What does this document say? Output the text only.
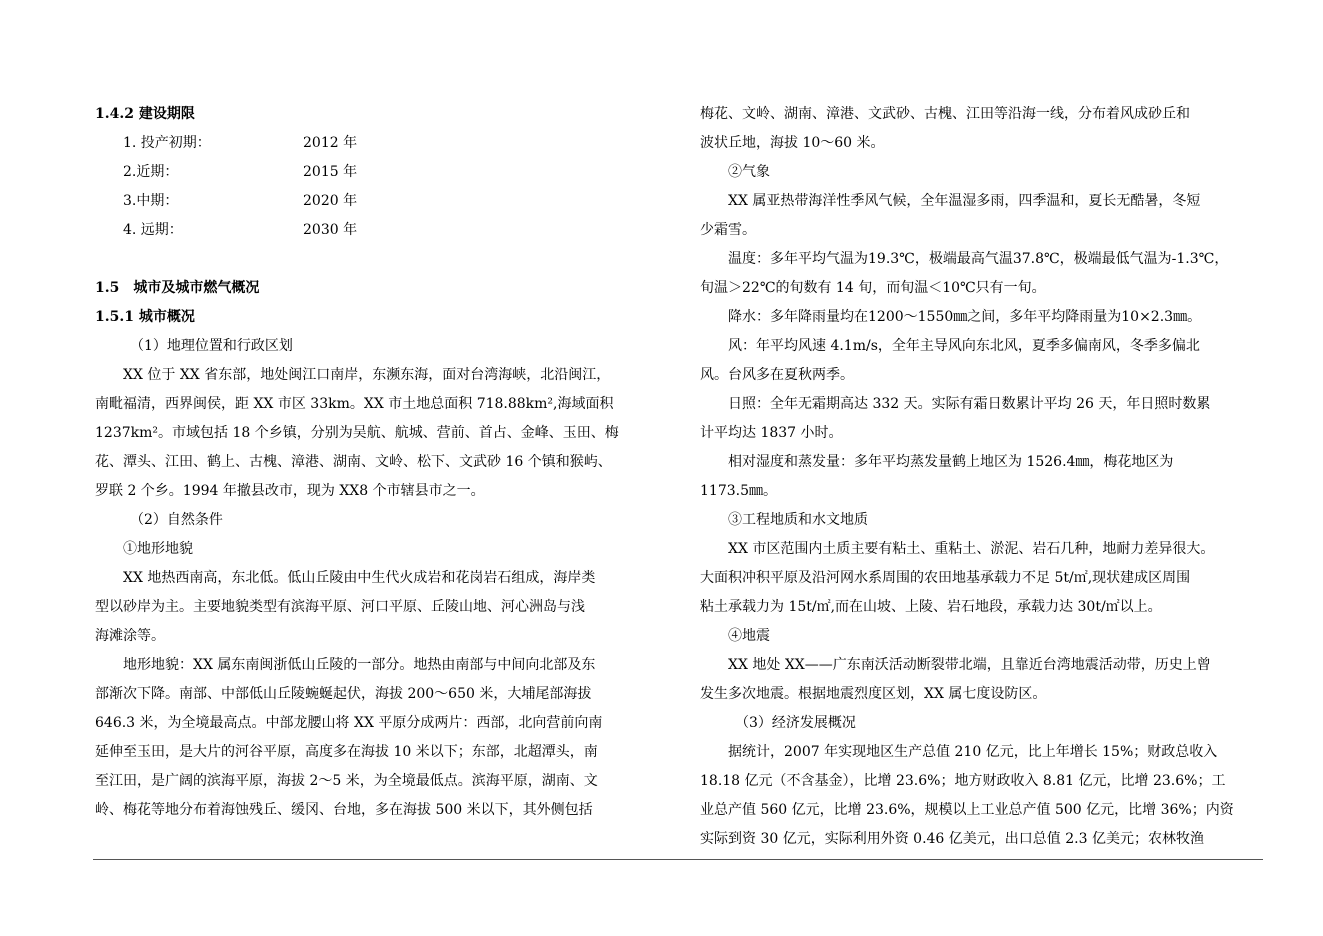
1.4.2 建设期限
1. 投产初期：	2012 年
2.近期：	2015 年
3.中期：	2020 年
4. 远期：	2030 年
1.5　城市及城市燃气概况
1.5.1 城市概况
（1）地理位置和行政区划
XX 位于 XX 省东部，地处闽江口南岸，东濒东海，面对台湾海峡，北沿闽江，
南毗福清，西界闽侯，距 XX 市区 33km。XX 市土地总面积 718.88km²,海域面积
1237km²。市域包括 18 个乡镇，分别为吴航、航城、营前、首占、金峰、玉田、梅
花、潭头、江田、鹤上、古槐、漳港、湖南、文岭、松下、文武砂 16 个镇和猴屿、
罗联 2 个乡。1994 年撤县改市，现为 XX8 个市辖县市之一。
（2）自然条件
①地形地貌
XX 地热西南高，东北低。低山丘陵由中生代火成岩和花岗岩石组成，海岸类
型以砂岸为主。主要地貌类型有滨海平原、河口平原、丘陵山地、河心洲岛与浅
海滩涂等。
地形地貌：XX 属东南闽浙低山丘陵的一部分。地热由南部与中间向北部及东
部渐次下降。南部、中部低山丘陵蜿蜒起伏，海拔 200～650 米，大埔尾部海拔
646.3 米，为全境最高点。中部龙腰山将 XX 平原分成两片：西部，北向营前向南
延伸至玉田，是大片的河谷平原，高度多在海拔 10 米以下；东部，北超潭头，南
至江田，是广阔的滨海平原，海拔 2～5 米，为全境最低点。滨海平原，湖南、文
岭、梅花等地分布着海蚀残丘、缓冈、台地，多在海拔 500 米以下，其外侧包括
梅花、文岭、湖南、漳港、文武砂、古槐、江田等沿海一线，分布着风成砂丘和
波状丘地，海拔 10～60 米。
②气象
XX 属亚热带海洋性季风气候，全年温湿多雨，四季温和，夏长无酷暑，冬短
少霜雪。
温度：多年平均气温为19.3℃，极端最高气温37.8℃，极端最低气温为-1.3℃，
旬温＞22℃的旬数有 14 旬，而旬温＜10℃只有一旬。
降水：多年降雨量均在1200～1550㎜之间，多年平均降雨量为10×2.3㎜。
风：年平均风速 4.1m/s，全年主导风向东北风，夏季多偏南风，冬季多偏北
风。台风多在夏秋两季。
日照：全年无霜期高达 332 天。实际有霜日数累计平均 26 天，年日照时数累
计平均达 1837 小时。
相对湿度和蒸发量：多年平均蒸发量鹤上地区为 1526.4㎜，梅花地区为
1173.5㎜。
③工程地质和水文地质
XX 市区范围内土质主要有粘土、重粘土、淤泥、岩石几种，地耐力差异很大。
大面积冲积平原及沿河网水系周围的农田地基承载力不足 5t/㎡,现状建成区周围
粘土承载力为 15t/㎡,而在山坡、上陵、岩石地段，承载力达 30t/㎡以上。
④地震
XX 地处 XX——广东南沃活动断裂带北端，且靠近台湾地震活动带，历史上曾
发生多次地震。根据地震烈度区划，XX 属七度设防区。
（3）经济发展概况
据统计，2007 年实现地区生产总值 210 亿元，比上年增长 15%；财政总收入
18.18 亿元（不含基金），比增 23.6%；地方财政收入 8.81 亿元，比增 23.6%；工
业总产值 560 亿元，比增 23.6%，规模以上工业总产值 500 亿元，比增 36%；内资
实际到资 30 亿元，实际利用外资 0.46 亿美元，出口总值 2.3 亿美元；农林牧渔
